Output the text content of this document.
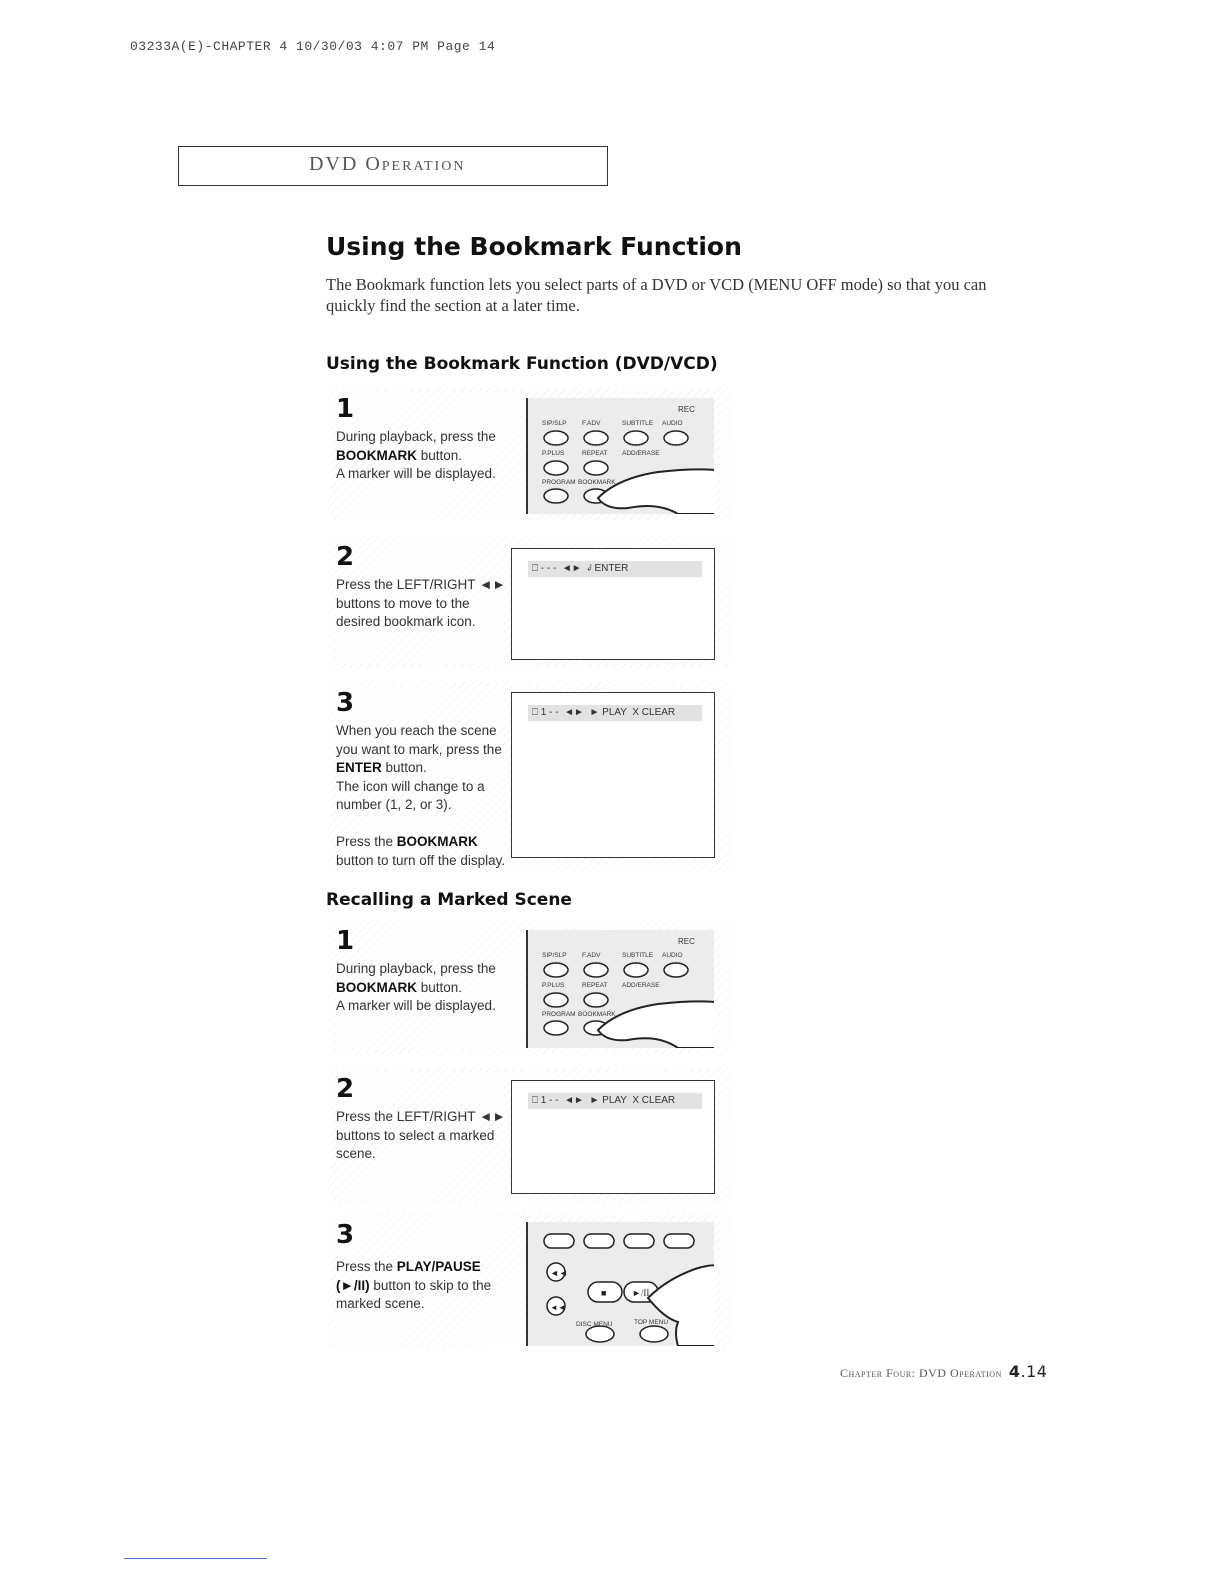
03233A(E)-CHAPTER 4 10/30/03 4:07 PM Page 14
DVD Operation
Using the Bookmark Function
The Bookmark function lets you select parts of a DVD or VCD (MENU OFF mode) so that you can quickly find the section at a later time.
Using the Bookmark Function (DVD/VCD)
1
During playback, press the BOOKMARK button.
A marker will be displayed.
REC
SIP/SLP F.ADV	SUBTITLE AUDIO
P.PLUS	REPEAT ADD/ERASE
PROGRAM BOOKMARK
2
Press the LEFT/RIGHT ◄► buttons to move to the desired bookmark icon.
⎕ - - -  ◄►  ↲ ENTER
3
When you reach the scene you want to mark, press the ENTER button.
The icon will change to a number (1, 2, or 3).

Press the BOOKMARK button to turn off the display.
⎕ 1 - -  ◄►  ► PLAY  X CLEAR
Recalling a Marked Scene
1
During playback, press the BOOKMARK button.
A marker will be displayed.
REC
SIP/SLP F.ADV	SUBTITLE AUDIO
P.PLUS	REPEAT ADD/ERASE
PROGRAM BOOKMARK
2
Press the LEFT/RIGHT ◄► buttons to select a marked scene.
⎕ 1 - -  ◄►  ► PLAY  X CLEAR
3
Press the PLAY/PAUSE (►/II) button to skip to the marked scene.
◄◄
◄◄
■	►/II
DISC MENU	TOP MENU
Chapter Four: DVD Operation 4.14
